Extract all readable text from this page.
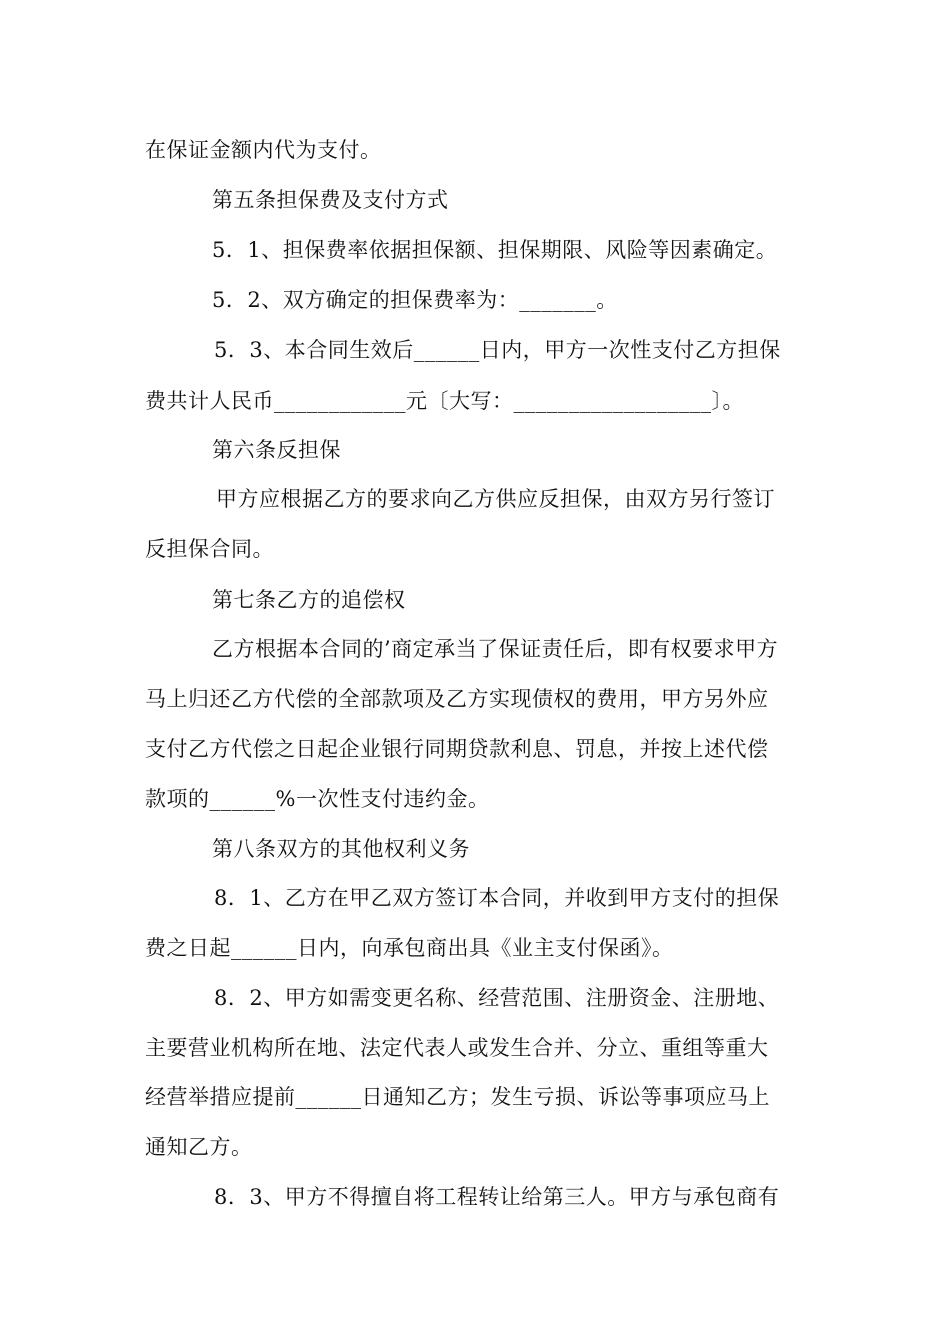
在保证金额内代为支付。
第五条担保费及支付方式
5．1、担保费率依据担保额、担保期限、风险等因素确定。
5．2、双方确定的担保费率为：_______。
5．3、本合同生效后______日内，甲方一次性支付乙方担保
费共计人民币____________元〔大写：__________________〕。
第六条反担保
甲方应根据乙方的要求向乙方供应反担保，由双方另行签订
反担保合同。
第七条乙方的追偿权
乙方根据本合同的’商定承当了保证责任后，即有权要求甲方
马上归还乙方代偿的全部款项及乙方实现债权的费用，甲方另外应
支付乙方代偿之日起企业银行同期贷款利息、罚息，并按上述代偿
款项的______%一次性支付违约金。
第八条双方的其他权利义务
8．1、乙方在甲乙双方签订本合同，并收到甲方支付的担保
费之日起______日内，向承包商出具《业主支付保函》。
8．2、甲方如需变更名称、经营范围、注册资金、注册地、
主要营业机构所在地、法定代表人或发生合并、分立、重组等重大
经营举措应提前______日通知乙方；发生亏损、诉讼等事项应马上
通知乙方。
8．3、甲方不得擅自将工程转让给第三人。甲方与承包商有
